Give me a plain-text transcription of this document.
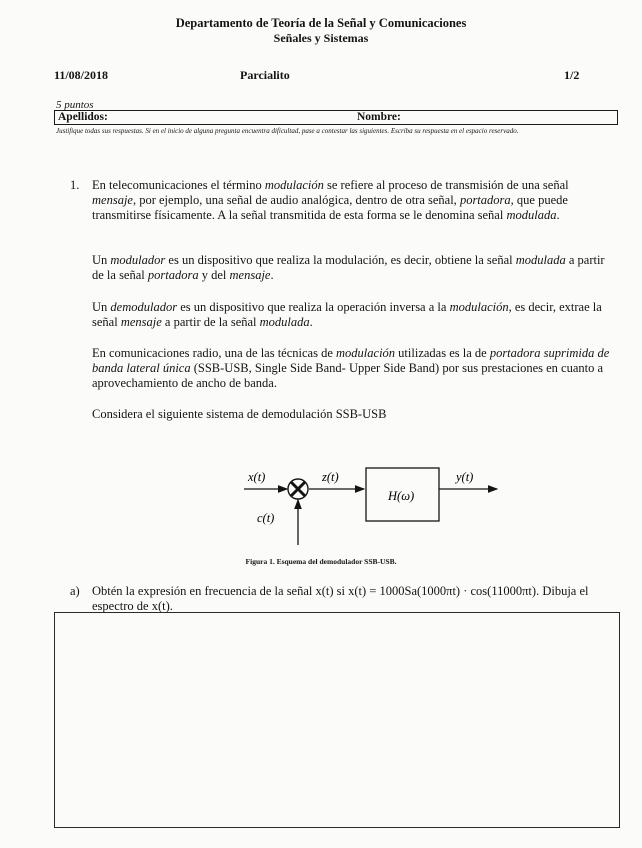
Departamento de Teoría de la Señal y Comunicaciones
Señales y Sistemas
11/08/2018	Parcialito	1/2
5 puntos
Apellidos:	Nombre:
Justifique todas sus respuestas. Si en el inicio de alguna pregunta encuentra dificultad, pase a contestar las siguientes. Escriba su respuesta en el espacio reservado.
1. En telecomunicaciones el término modulación se refiere al proceso de transmisión de una señal mensaje, por ejemplo, una señal de audio analógica, dentro de otra señal, portadora, que puede transmitirse físicamente. A la señal transmitida de esta forma se le denomina señal modulada.
Un modulador es un dispositivo que realiza la modulación, es decir, obtiene la señal modulada a partir de la señal portadora y del mensaje.
Un demodulador es un dispositivo que realiza la operación inversa a la modulación, es decir, extrae la señal mensaje a partir de la señal modulada.
En comunicaciones radio, una de las técnicas de modulación utilizadas es la de portadora suprimida de banda lateral única (SSB-USB, Single Side Band- Upper Side Band) por sus prestaciones en cuanto a aprovechamiento de ancho de banda.
Considera el siguiente sistema de demodulación SSB-USB
x(t)	z(t)
c(t)
H(ω)
y(t)
Figura 1. Esquema del demodulador SSB-USB.
a) Obtén la expresión en frecuencia de la señal x(t) si x(t) = 1000Sa(1000πt) · cos(11000πt). Dibuja el espectro de x(t).
